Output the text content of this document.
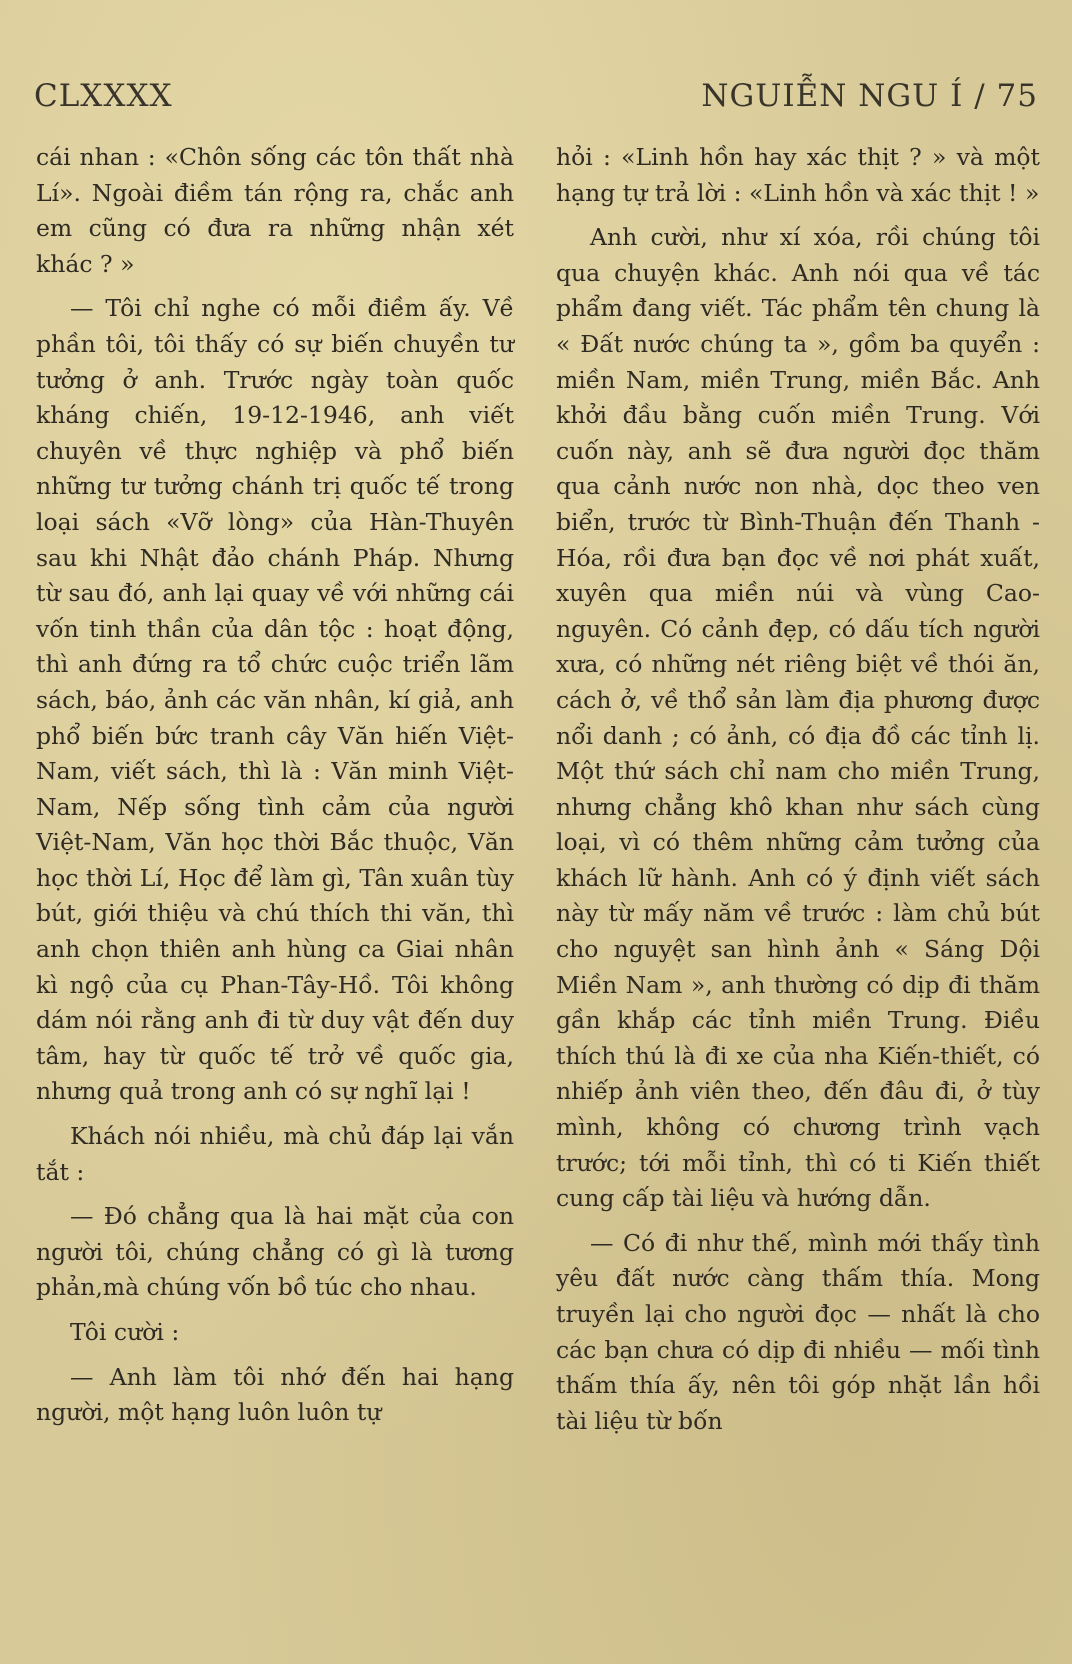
CLXXXX	NGUIỄN NGU Í / 75

cái nhan : «Chôn sống các tôn thất nhà Lí». Ngoài điềm tán rộng ra, chắc anh em cũng có đưa ra những nhận xét khác ? »

— Tôi chỉ nghe có mỗi điềm ấy. Về phần tôi, tôi thấy có sự biến chuyền tư tưởng ở anh. Trước ngày toàn quốc kháng chiến, 19-12-1946, anh viết chuyên về thực nghiệp và phổ biến những tư tưởng chánh trị quốc tế trong loại sách «Vỡ lòng» của Hàn-Thuyên sau khi Nhật đảo chánh Pháp. Nhưng từ sau đó, anh lại quay về với những cái vốn tinh thần của dân tộc : hoạt động, thì anh đứng ra tổ chức cuộc triển lãm sách, báo, ảnh các văn nhân, kí giả, anh phổ biến bức tranh cây Văn hiến Việt-Nam, viết sách, thì là : Văn minh Việt-Nam, Nếp sống tình cảm của người Việt-Nam, Văn học thời Bắc thuộc, Văn học thời Lí, Học để làm gì, Tân xuân tùy bút, giới thiệu và chú thích thi văn, thì anh chọn thiên anh hùng ca Giai nhân kì ngộ của cụ Phan-Tây-Hồ. Tôi không dám nói rằng anh đi từ duy vật đến duy tâm, hay từ quốc tế trở về quốc gia, nhưng quả trong anh có sự nghĩ lại !

Khách nói nhiều, mà chủ đáp lại vắn tắt :

— Đó chẳng qua là hai mặt của con người tôi, chúng chẳng có gì là tương phản,mà chúng vốn bồ túc cho nhau.

Tôi cười :

— Anh làm tôi nhớ đến hai hạng người, một hạng luôn luôn tự

hỏi : «Linh hồn hay xác thịt ? » và một hạng tự trả lời : «Linh hồn và xác thịt ! »

Anh cười, như xí xóa, rồi chúng tôi qua chuyện khác. Anh nói qua về tác phẩm đang viết. Tác phẩm tên chung là « Đất nước chúng ta », gồm ba quyển : miền Nam, miền Trung, miền Bắc. Anh khởi đầu bằng cuốn miền Trung. Với cuốn này, anh sẽ đưa người đọc thăm qua cảnh nước non nhà, dọc theo ven biển, trước từ Bình-Thuận đến Thanh - Hóa, rồi đưa bạn đọc về nơi phát xuất, xuyên qua miền núi và vùng Cao-nguyên. Có cảnh đẹp, có dấu tích người xưa, có những nét riêng biệt về thói ăn, cách ở, về thổ sản làm địa phương được nổi danh ; có ảnh, có địa đồ các tỉnh lị. Một thứ sách chỉ nam cho miền Trung, nhưng chẳng khô khan như sách cùng loại, vì có thêm những cảm tưởng của khách lữ hành. Anh có ý định viết sách này từ mấy năm về trước : làm chủ bút cho nguyệt san hình ảnh « Sáng Dội Miền Nam », anh thường có dịp đi thăm gần khắp các tỉnh miền Trung. Điều thích thú là đi xe của nha Kiến-thiết, có nhiếp ảnh viên theo, đến đâu đi, ở tùy mình, không có chương trình vạch trước; tới mỗi tỉnh, thì có ti Kiến thiết cung cấp tài liệu và hướng dẫn.

— Có đi như thế, mình mới thấy tình yêu đất nước càng thấm thía. Mong truyền lại cho người đọc — nhất là cho các bạn chưa có dịp đi nhiều — mối tình thấm thía ấy, nên tôi góp nhặt lần hồi tài liệu từ bốn
